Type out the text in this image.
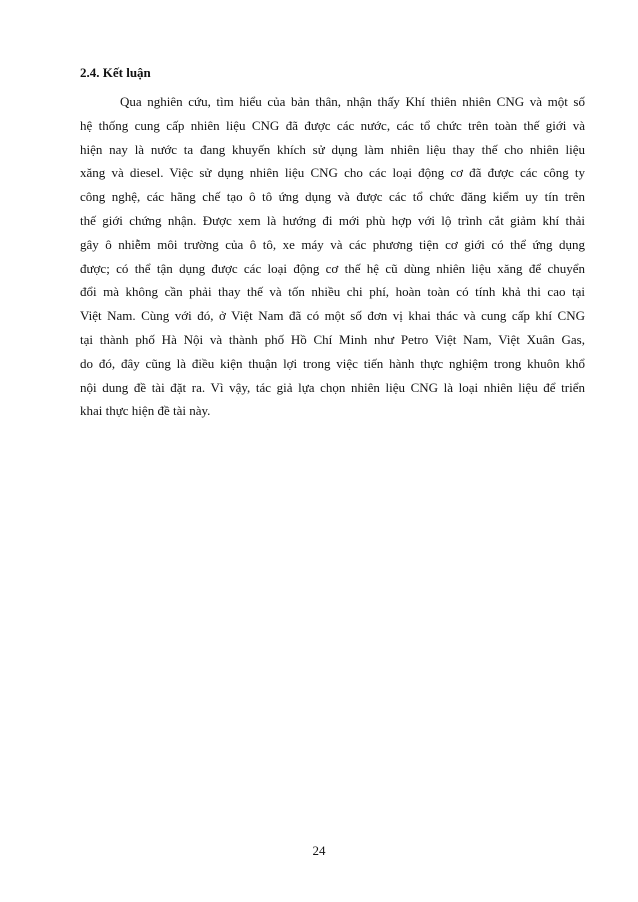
2.4. Kết luận
Qua nghiên cứu, tìm hiểu của bản thân, nhận thấy Khí thiên nhiên CNG và một số
hệ thống cung cấp nhiên liệu CNG đã được các nước, các tổ chức trên toàn thế giới và
hiện nay là nước ta đang khuyến khích sử dụng làm nhiên liệu thay thế cho nhiên liệu
xăng và diesel. Việc sử dụng nhiên liệu CNG cho các loại động cơ đã được các công ty
công nghệ, các hãng chế tạo ô tô ứng dụng và được các tổ chức đăng kiểm uy tín trên
thế giới chứng nhận. Được xem là hướng đi mới phù hợp với lộ trình cắt giảm khí thải
gây ô nhiễm môi trường của ô tô, xe máy và các phương tiện cơ giới có thể ứng dụng
được; có thể tận dụng được các loại động cơ thế hệ cũ dùng nhiên liệu xăng để chuyển
đổi mà không cần phải thay thế và tốn nhiều chi phí, hoàn toàn có tính khả thi cao tại
Việt Nam. Cùng với đó, ở Việt Nam đã có một số đơn vị khai thác và cung cấp khí CNG
tại thành phố Hà Nội và thành phố Hồ Chí Minh như Petro Việt Nam, Việt Xuân Gas,
do đó, đây cũng là điều kiện thuận lợi trong việc tiến hành thực nghiệm trong khuôn khổ
nội dung đề tài đặt ra. Vì vậy, tác giả lựa chọn nhiên liệu CNG là loại nhiên liệu để triển
khai thực hiện đề tài này.
24
